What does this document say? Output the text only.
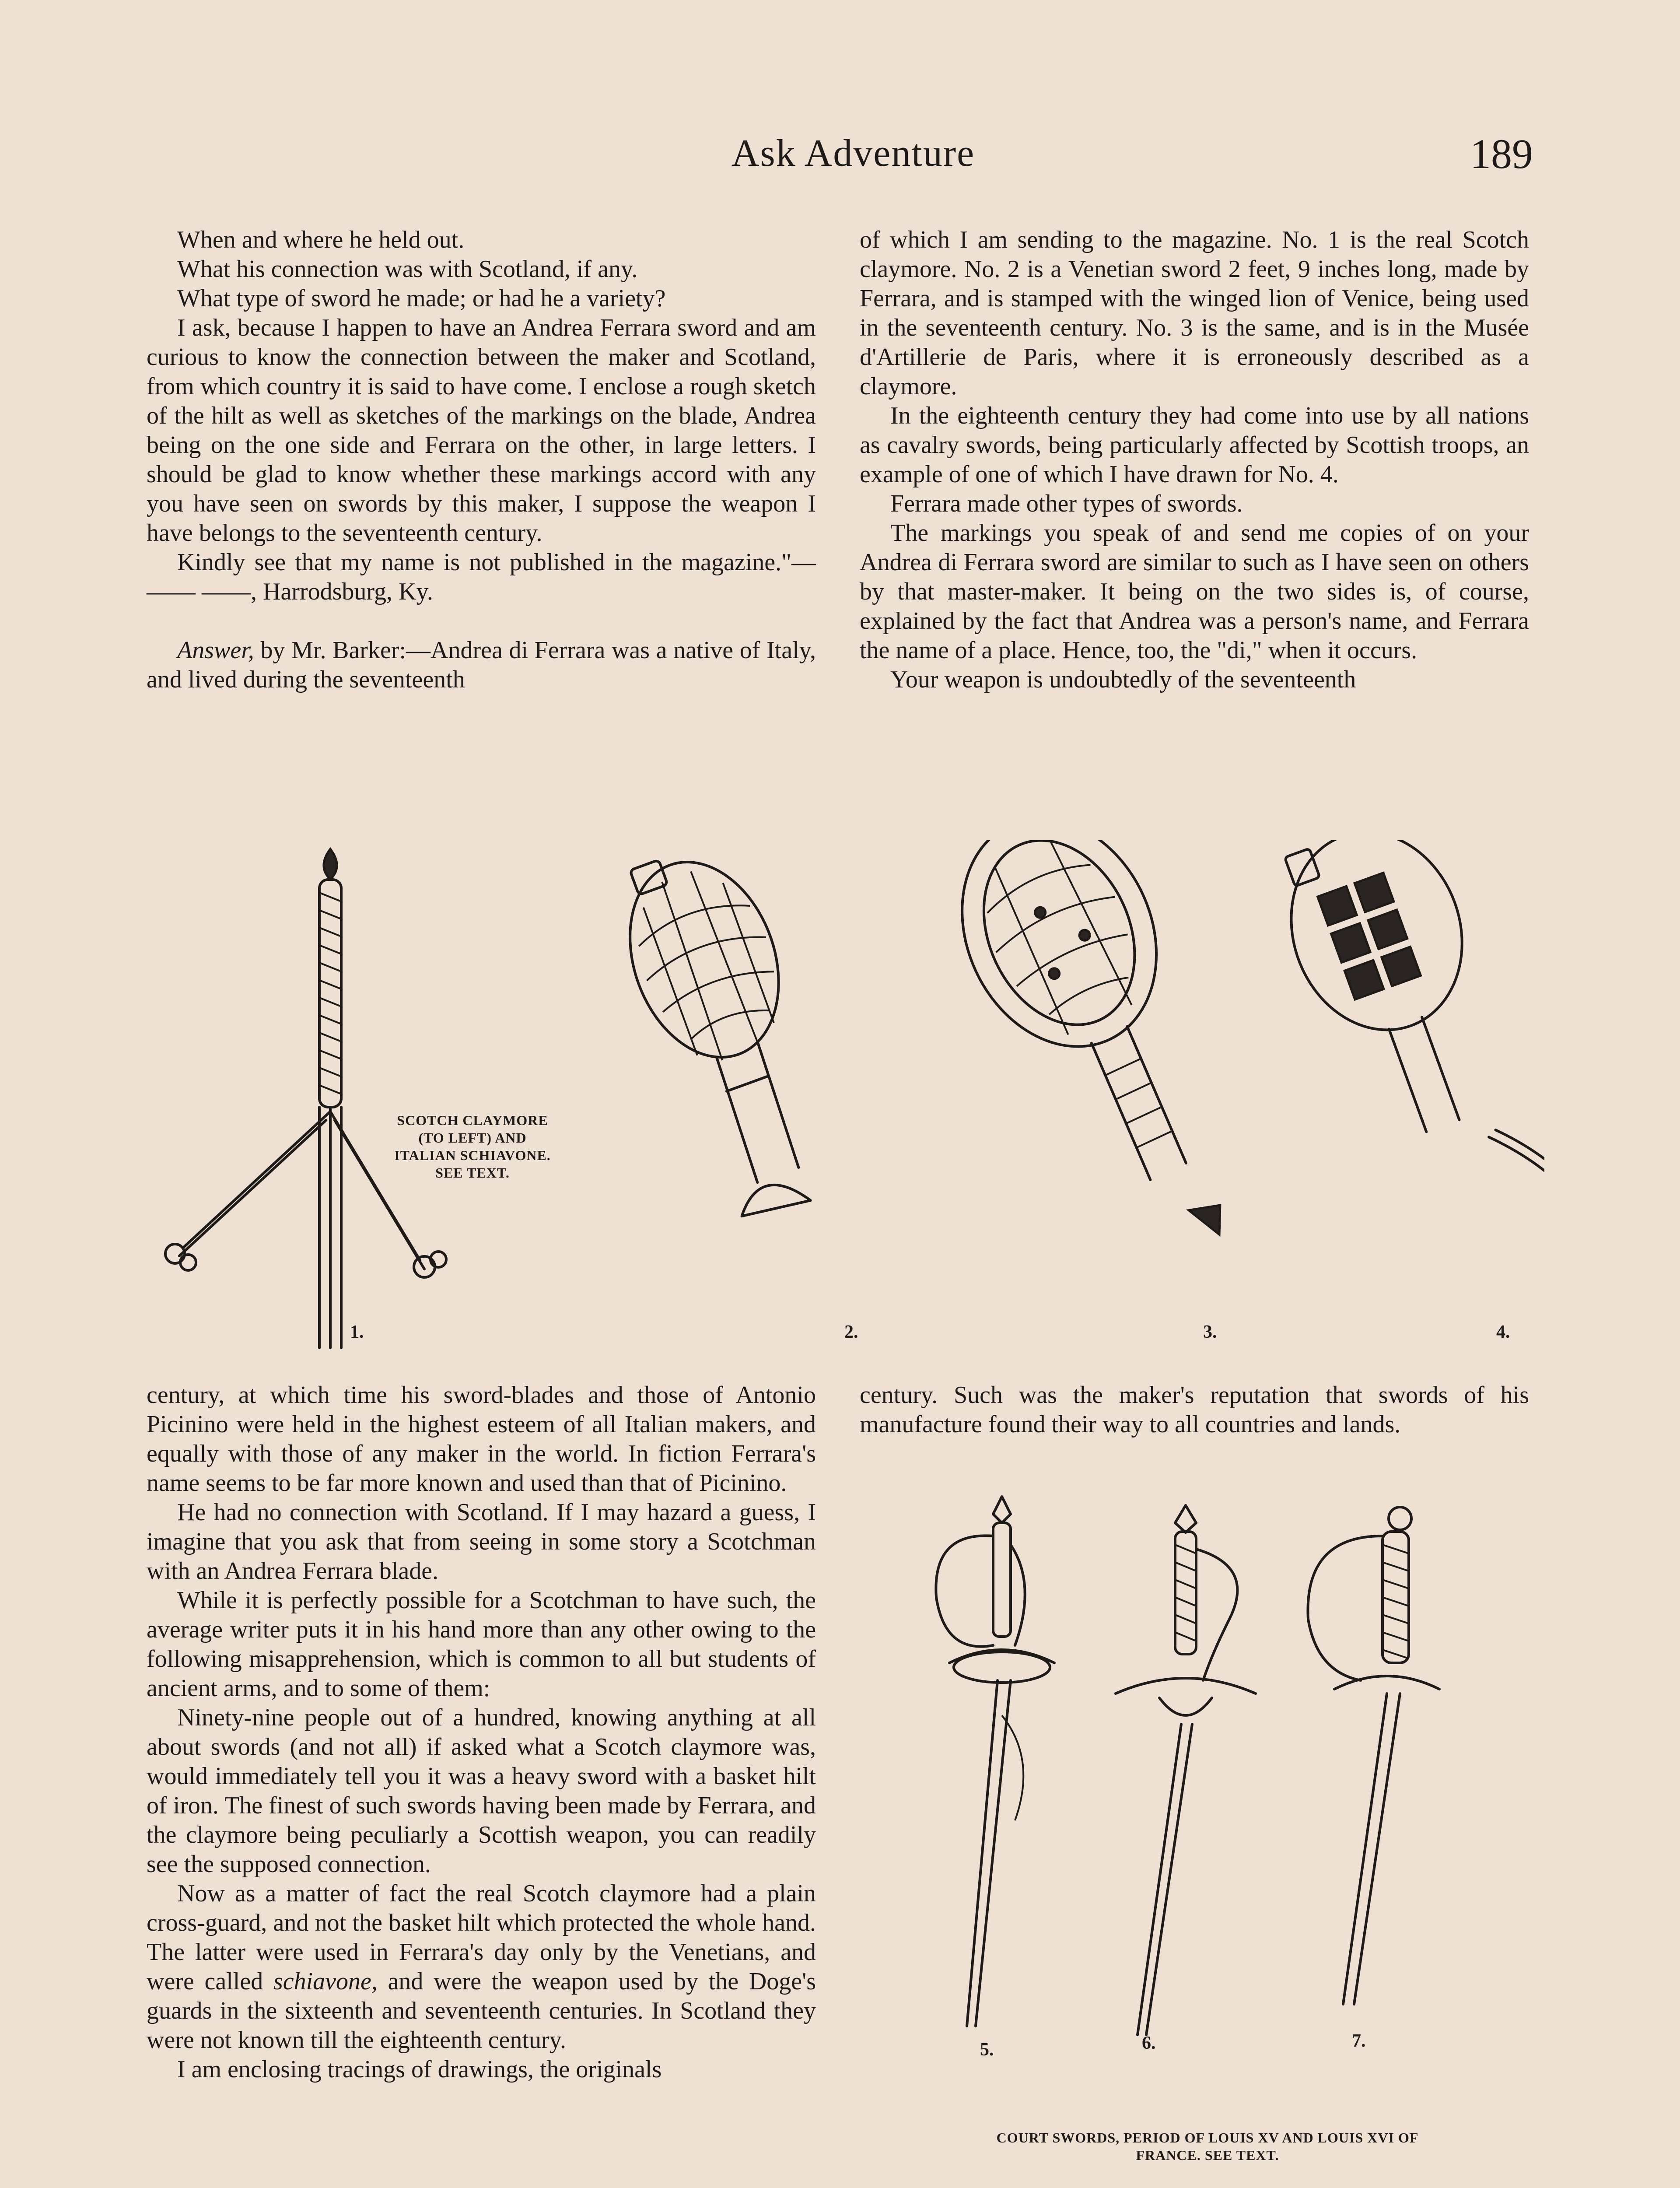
Ask Adventure	189

When and where he held out.

What his connection was with Scotland, if any.

What type of sword he made; or had he a variety?

I ask, because I happen to have an Andrea Ferrara sword and am curious to know the connection between the maker and Scotland, from which country it is said to have come. I enclose a rough sketch of the hilt as well as sketches of the markings on the blade, Andrea being on the one side and Ferrara on the other, in large letters. I should be glad to know whether these markings accord with any you have seen on swords by this maker, I suppose the weapon I have belongs to the seventeenth century.

Kindly see that my name is not published in the magazine."— —— ——, Harrodsburg, Ky.

Answer, by Mr. Barker:—Andrea di Ferrara was a native of Italy, and lived during the seventeenth

of which I am sending to the magazine. No. 1 is the real Scotch claymore. No. 2 is a Venetian sword 2 feet, 9 inches long, made by Ferrara, and is stamped with the winged lion of Venice, being used in the seventeenth century. No. 3 is the same, and is in the Musée d'Artillerie de Paris, where it is erroneously described as a claymore.

In the eighteenth century they had come into use by all nations as cavalry swords, being particularly affected by Scottish troops, an example of one of which I have drawn for No. 4.

Ferrara made other types of swords.

The markings you speak of and send me copies of on your Andrea di Ferrara sword are similar to such as I have seen on others by that master-maker. It being on the two sides is, of course, explained by the fact that Andrea was a person's name, and Ferrara the name of a place. Hence, too, the "di," when it occurs.

Your weapon is undoubtedly of the seventeenth

1.	2.	3.	4.
SCOTCH CLAYMORE
(TO LEFT) AND
ITALIAN SCHIAVONE.
SEE TEXT.

century, at which time his sword-blades and those of Antonio Picinino were held in the highest esteem of all Italian makers, and equally with those of any maker in the world. In fiction Ferrara's name seems to be far more known and used than that of Picinino.

He had no connection with Scotland. If I may hazard a guess, I imagine that you ask that from seeing in some story a Scotchman with an Andrea Ferrara blade.

While it is perfectly possible for a Scotchman to have such, the average writer puts it in his hand more than any other owing to the following misapprehension, which is common to all but students of ancient arms, and to some of them:

Ninety-nine people out of a hundred, knowing anything at all about swords (and not all) if asked what a Scotch claymore was, would immediately tell you it was a heavy sword with a basket hilt of iron. The finest of such swords having been made by Ferrara, and the claymore being peculiarly a Scottish weapon, you can readily see the supposed connection.

Now as a matter of fact the real Scotch claymore had a plain cross-guard, and not the basket hilt which protected the whole hand. The latter were used in Ferrara's day only by the Venetians, and were called schiavone, and were the weapon used by the Doge's guards in the sixteenth and seventeenth centuries. In Scotland they were not known till the eighteenth century.

I am enclosing tracings of drawings, the originals

century. Such was the maker's reputation that swords of his manufacture found their way to all countries and lands.

5.	6.	7.
COURT SWORDS, PERIOD OF LOUIS XV AND LOUIS XVI OF
FRANCE. SEE TEXT.
